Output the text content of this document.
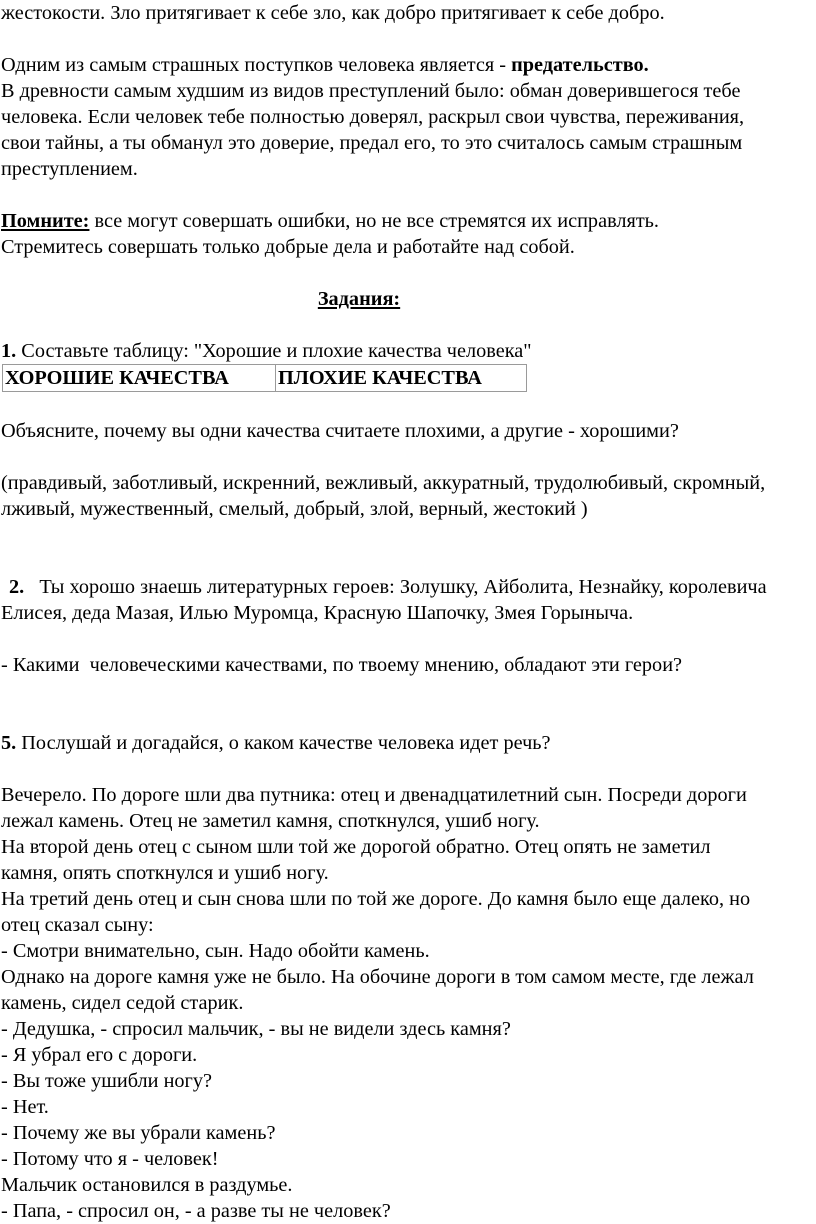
жестокости. Зло притягивает к себе зло, как добро притягивает к себе добро.
Одним из самым страшных поступков человека является - предательство.
В древности самым худшим из видов преступлений было: обман доверившегося тебе
человека. Если человек тебе полностью доверял, раскрыл свои чувства, переживания,
свои тайны, а ты обманул это доверие, предал его, то это считалось самым страшным
преступлением.
Помните: все могут совершать ошибки, но не все стремятся их исправлять.
Стремитесь совершать только добрые дела и работайте над собой.
Задания:
1. Составьте таблицу: "Хорошие и плохие качества человека"
ХОРОШИЕ КАЧЕСТВА	ПЛОХИЕ КАЧЕСТВА
Объясните, почему вы одни качества считаете плохими, а другие - хорошими?
(правдивый, заботливый, искренний, вежливый, аккуратный, трудолюбивый, скромный,
лживый, мужественный, смелый, добрый, злой, верный, жестокий )
2.   Ты хорошо знаешь литературных героев: Золушку, Айболита, Незнайку, королевича
Елисея, деда Мазая, Илью Муромца, Красную Шапочку, Змея Горыныча.
- Какими  человеческими качествами, по твоему мнению, обладают эти герои?
5. Послушай и догадайся, о каком качестве человека идет речь?
Вечерело. По дороге шли два путника: отец и двенадцатилетний сын. Посреди дороги
лежал камень. Отец не заметил камня, споткнулся, ушиб ногу.
На второй день отец с сыном шли той же дорогой обратно. Отец опять не заметил
камня, опять споткнулся и ушиб ногу.
На третий день отец и сын снова шли по той же дороге. До камня было еще далеко, но
отец сказал сыну:
- Смотри внимательно, сын. Надо обойти камень.
Однако на дороге камня уже не было. На обочине дороги в том самом месте, где лежал
камень, сидел седой старик.
- Дедушка, - спросил мальчик, - вы не видели здесь камня?
- Я убрал его с дороги.
- Вы тоже ушибли ногу?
- Нет.
- Почему же вы убрали камень?
- Потому что я - человек!
Мальчик остановился в раздумье.
- Папа, - спросил он, - а разве ты не человек?
